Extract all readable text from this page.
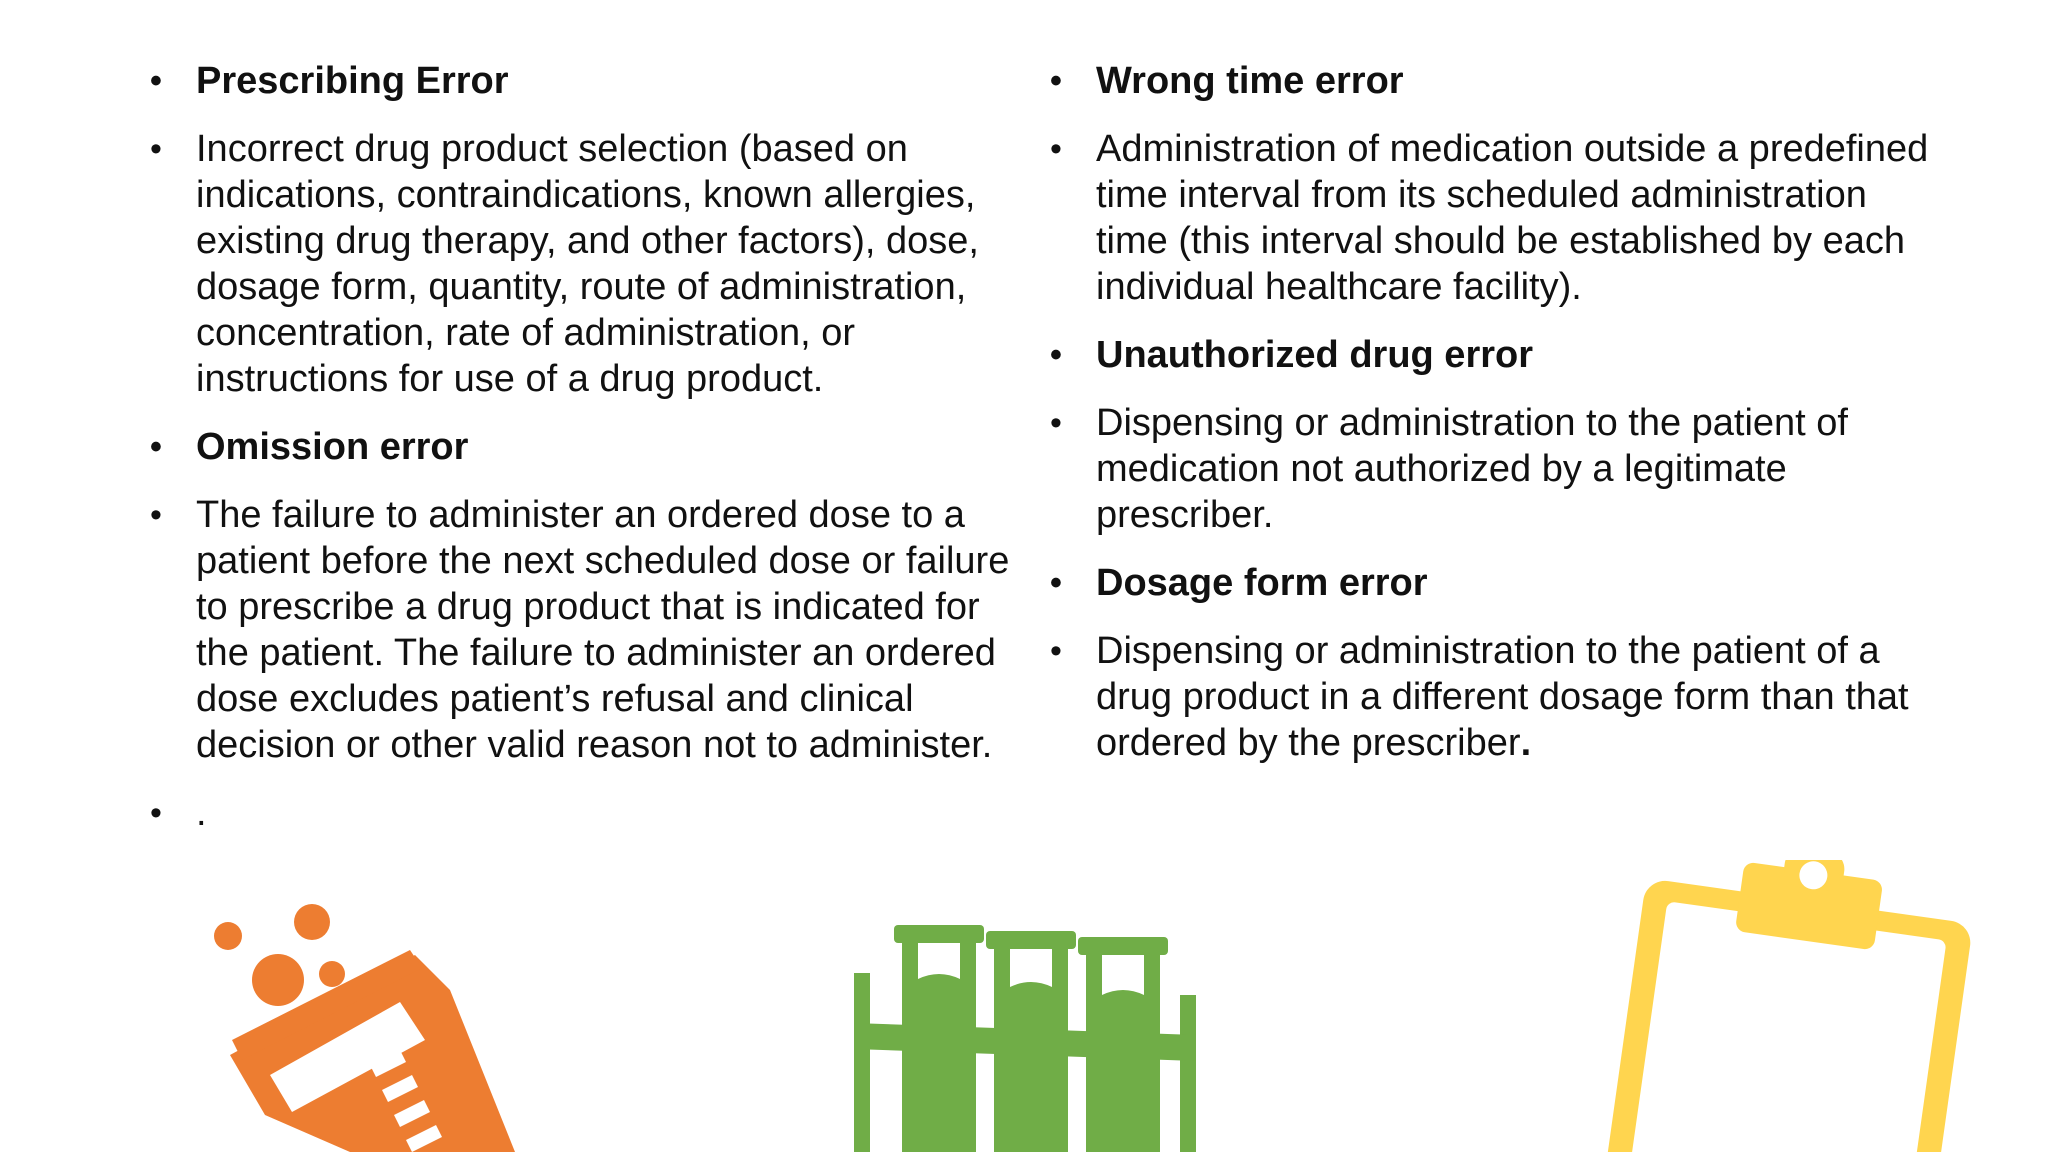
• Prescribing Error
• Incorrect drug product selection (based on indications, contraindications, known allergies, existing drug therapy, and other factors), dose, dosage form, quantity, route of administration, concentration, rate of administration, or instructions for use of a drug product.
• Omission error
• The failure to administer an ordered dose to a patient before the next scheduled dose or failure to prescribe a drug product that is indicated for the patient. The failure to administer an ordered dose excludes patient’s refusal and clinical decision or other valid reason not to administer.
• .
• Wrong time error
• Administration of medication outside a predefined time interval from its scheduled administration time (this interval should be established by each individual healthcare facility).
• Unauthorized drug error
• Dispensing or administration to the patient of medication not authorized by a legitimate prescriber.
• Dosage form error
• Dispensing or administration to the patient of a drug product in a different dosage form than that ordered by the prescriber.
